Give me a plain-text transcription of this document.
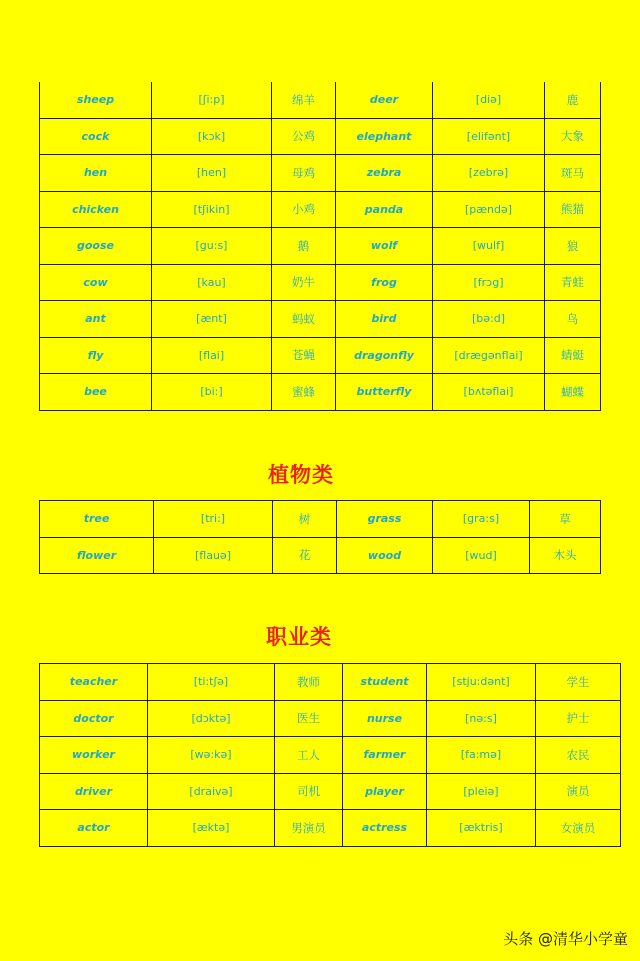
sheep	[ʃi:p]	绵羊	deer	[diə]	鹿
cock	[kɔk]	公鸡	elephant	[elifənt]	大象
hen	[hen]	母鸡	zebra	[zebrə]	斑马
chicken	[tʃikin]	小鸡	panda	[pændə]	熊猫
goose	[gu:s]	鹅	wolf	[wulf]	狼
cow	[kau]	奶牛	frog	[frɔg]	青蛙
ant	[ænt]	蚂蚁	bird	[bə:d]	鸟
fly	[flai]	苍蝇	dragonfly	[drægənflai]	蜻蜓
bee	[bi:]	蜜蜂	butterfly	[bʌtəflai]	蝴蝶
植物类
tree	[tri:]	树	grass	[gra:s]	草
flower	[flauə]	花	wood	[wud]	木头
职业类
teacher	[ti:tʃə]	教师	student	[stju:dənt]	学生
doctor	[dɔktə]	医生	nurse	[nə:s]	护士
worker	[wə:kə]	工人	farmer	[fa:mə]	农民
driver	[draivə]	司机	player	[pleiə]	演员
actor	[æktə]	男演员	actress	[æktris]	女演员
头条 @清华小学童
